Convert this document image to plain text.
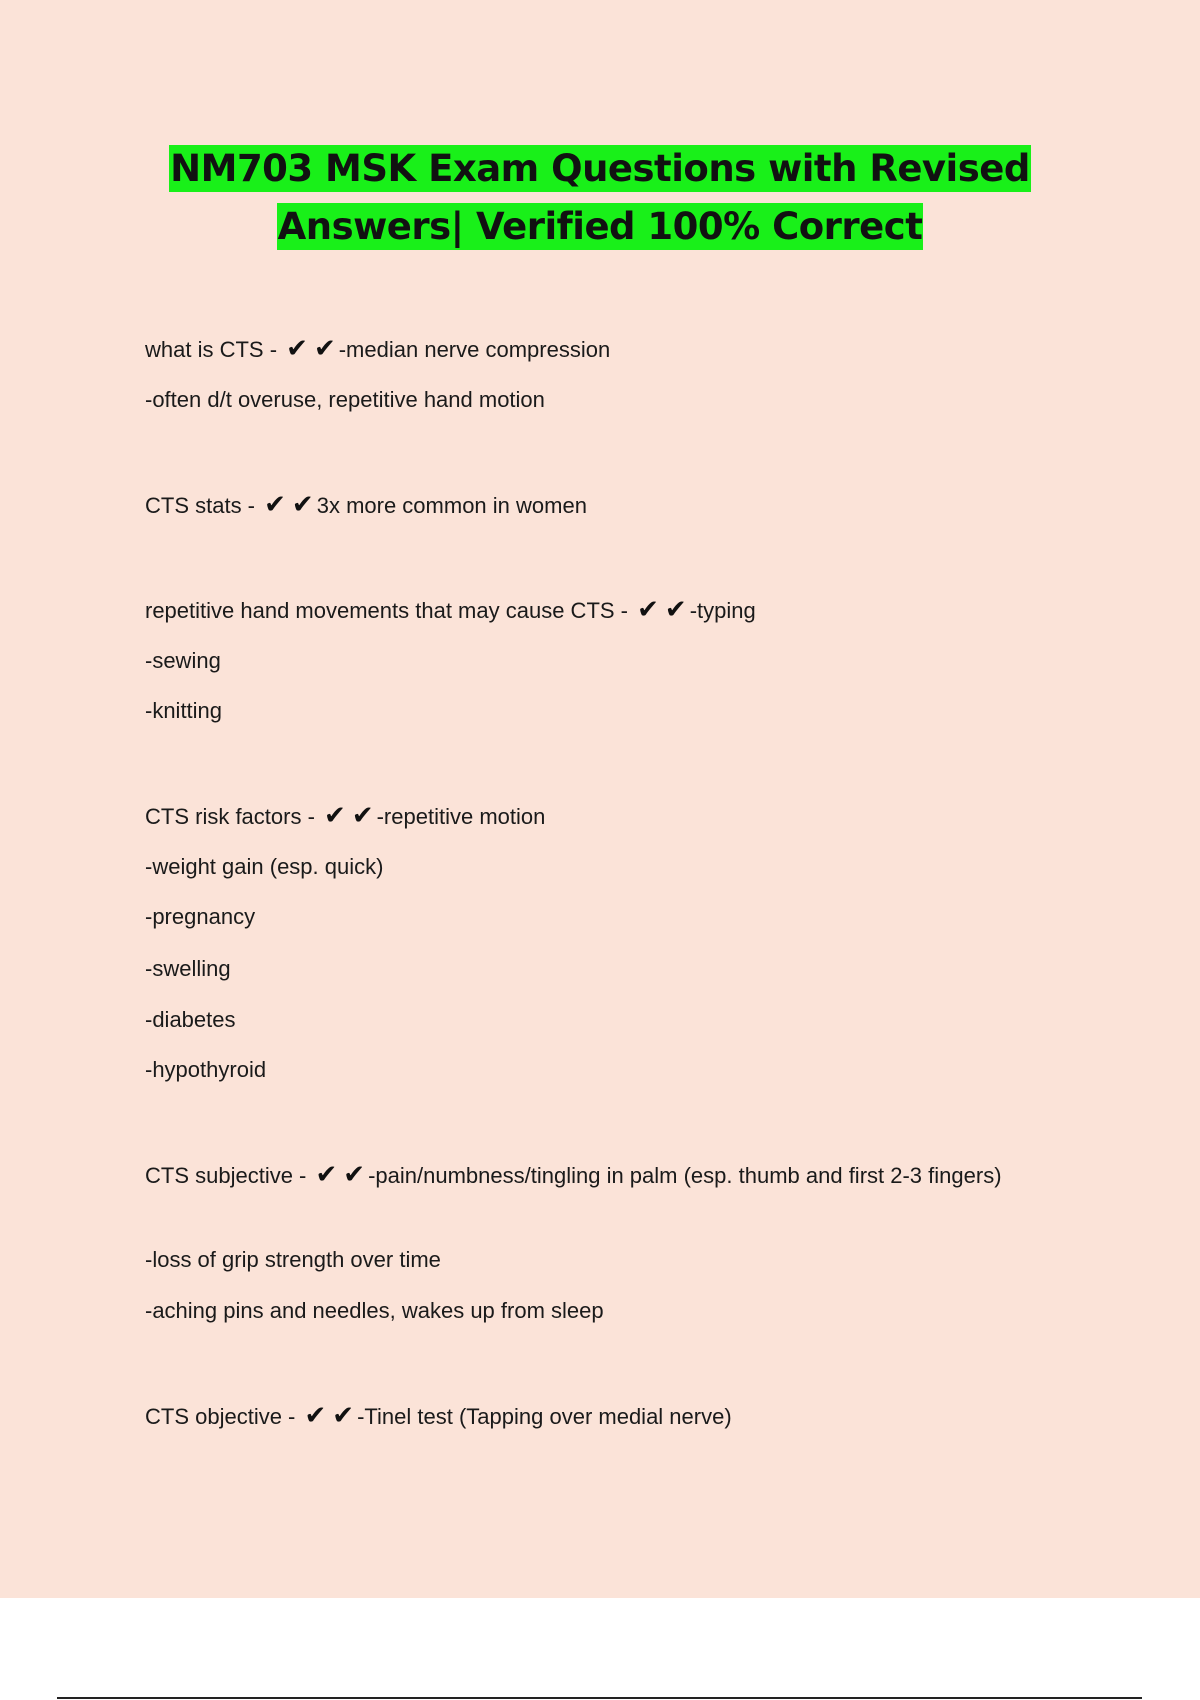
NM703 MSK Exam Questions with Revised
Answers| Verified 100% Correct
what is CTS - ✔ ✔ -median nerve compression
-often d/t overuse, repetitive hand motion
CTS stats - ✔ ✔ 3x more common in women
repetitive hand movements that may cause CTS - ✔ ✔ -typing
-sewing
-knitting
CTS risk factors - ✔ ✔ -repetitive motion
-weight gain (esp. quick)
-pregnancy
-swelling
-diabetes
-hypothyroid
CTS subjective - ✔ ✔ -pain/numbness/tingling in palm (esp. thumb and first 2-3 fingers)
-loss of grip strength over time
-aching pins and needles, wakes up from sleep
CTS objective - ✔ ✔ -Tinel test (Tapping over medial nerve)
